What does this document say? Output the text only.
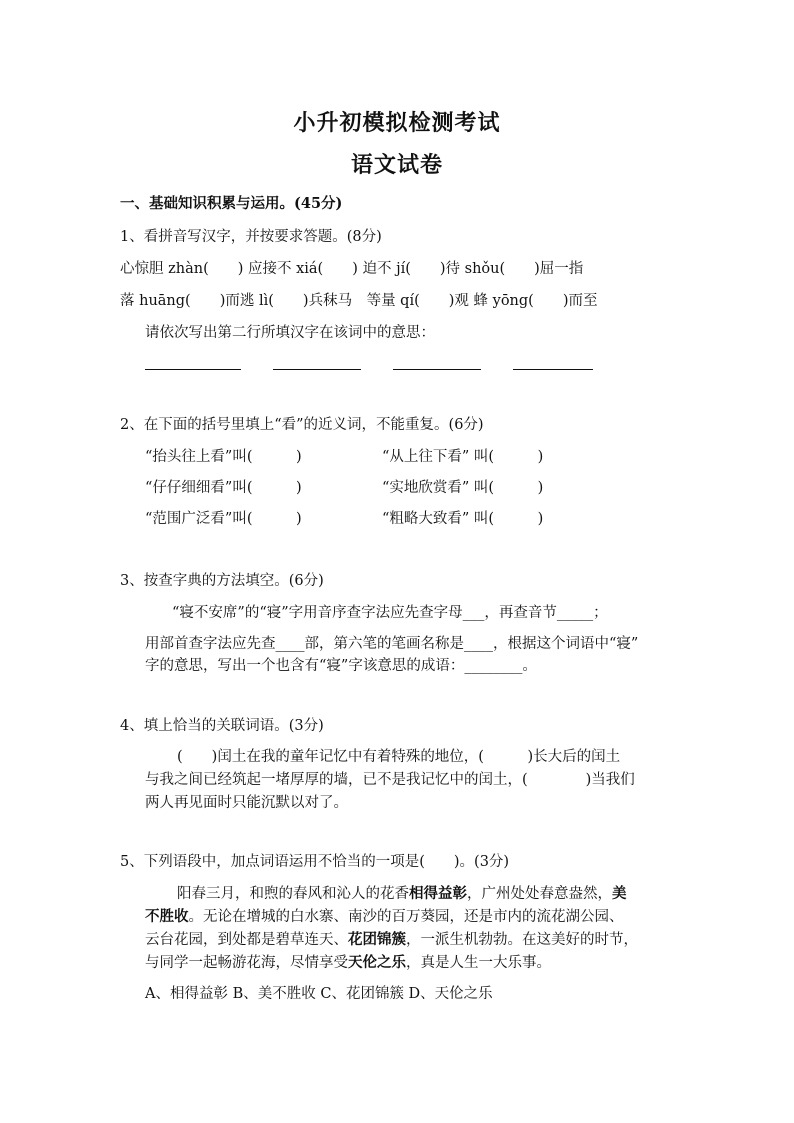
小升初模拟检测考试
语文试卷
一、基础知识积累与运用。(45分)
1、看拼音写汉字，并按要求答题。(8分)
心惊胆 zhàn(　　) 应接不 xiá(　　) 迫不 jí(　　)待 shǒu(　　)屈一指
落 huāng(　　)而逃 lì(　　)兵秣马　等量 qí(　　)观 蜂 yōng(　　)而至
请依次写出第二行所填汉字在该词中的意思：
2、在下面的括号里填上“看”的近义词，不能重复。(6分)
“抬头往上看”叫(　　　)	“从上往下看” 叫(　　　)
“仔仔细细看”叫(　　　)	“实地欣赏看” 叫(　　　)
“范围广泛看”叫(　　　)	“粗略大致看” 叫(　　　)
3、按查字典的方法填空。(6分)
“寝不安席”的“寝”字用音序查字法应先查字母___，再查音节_____；
用部首查字法应先查____部，第六笔的笔画名称是____，根据这个词语中“寝”
字的意思，写出一个也含有“寝”字该意思的成语：________。
4、填上恰当的关联词语。(3分)
(　　)闰土在我的童年记忆中有着特殊的地位，(　　　)长大后的闰土
与我之间已经筑起一堵厚厚的墙，已不是我记忆中的闰土，(　　　　)当我们
两人再见面时只能沉默以对了。
5、下列语段中，加点词语运用不恰当的一项是(　　)。(3分)
阳春三月，和煦的春风和沁人的花香相得益彰，广州处处春意盎然，美
不胜收。无论在增城的白水寨、南沙的百万葵园，还是市内的流花湖公园、
云台花园，到处都是碧草连天、花团锦簇，一派生机勃勃。在这美好的时节，
与同学一起畅游花海，尽情享受天伦之乐，真是人生一大乐事。
A、相得益彰 B、美不胜收 C、花团锦簇 D、天伦之乐
